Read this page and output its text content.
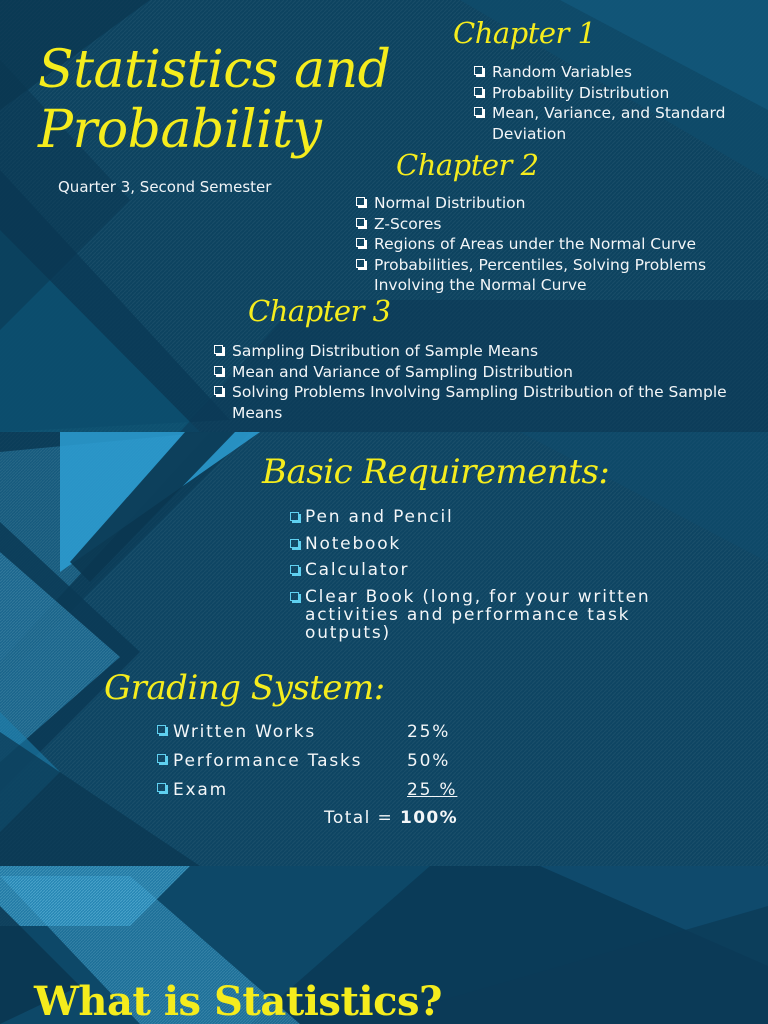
Statistics and
Probability
Quarter 3, Second Semester
Chapter 1
Random Variables
Probability Distribution
Mean, Variance, and Standard Deviation
Chapter 2
Normal Distribution
Z-Scores
Regions of Areas under the Normal Curve
Probabilities, Percentiles, Solving Problems Involving the Normal Curve
Chapter 3
Sampling Distribution of Sample Means
Mean and Variance of Sampling Distribution
Solving Problems Involving Sampling Distribution of the Sample Means
Basic Requirements:
Pen and Pencil
Notebook
Calculator
Clear Book (long, for your written activities and performance task outputs)
Grading System:
Written Works	25%
Performance Tasks	50%
Exam	25 %
Total = 100%
What is Statistics?
